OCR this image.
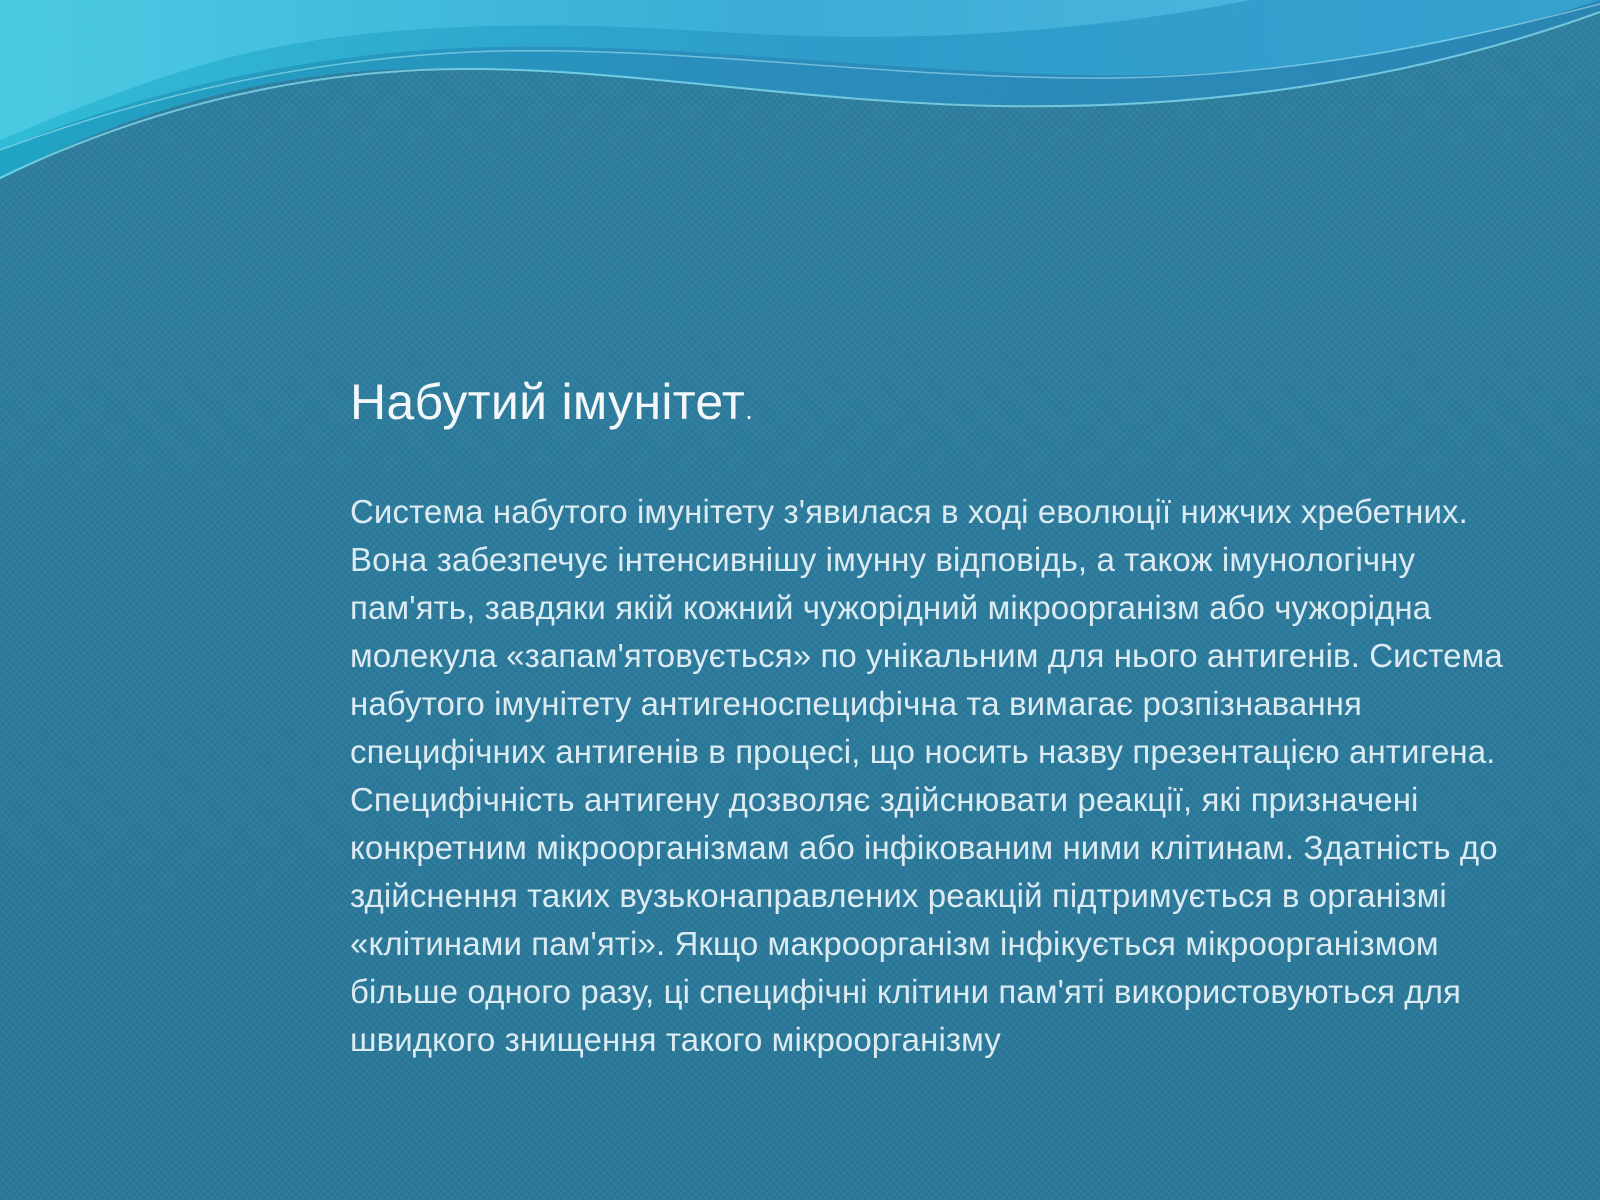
Набутий імунітет.

Система набутого імунітету з'явилася в ході еволюції нижчих хребетних. Вона забезпечує інтенсивнішу імунну відповідь, а також імунологічну пам'ять, завдяки якій кожний чужорідний мікроорганізм або чужорідна молекула «запам'ятовується» по унікальним для нього антигенів. Система набутого імунітету антигеноспецифічна та вимагає розпізнавання специфічних антигенів в процесі, що носить назву презентацією антигена. Специфічність антигену дозволяє здійснювати реакції, які призначені конкретним мікроорганізмам або інфікованим ними клітинам. Здатність до здійснення таких вузьконаправлених реакцій підтримується в організмі «клітинами пам'яті». Якщо макроорганізм інфікується мікроорганізмом більше одного разу, ці специфічні клітини пам'яті використовуються для швидкого знищення такого мікроорганізму
